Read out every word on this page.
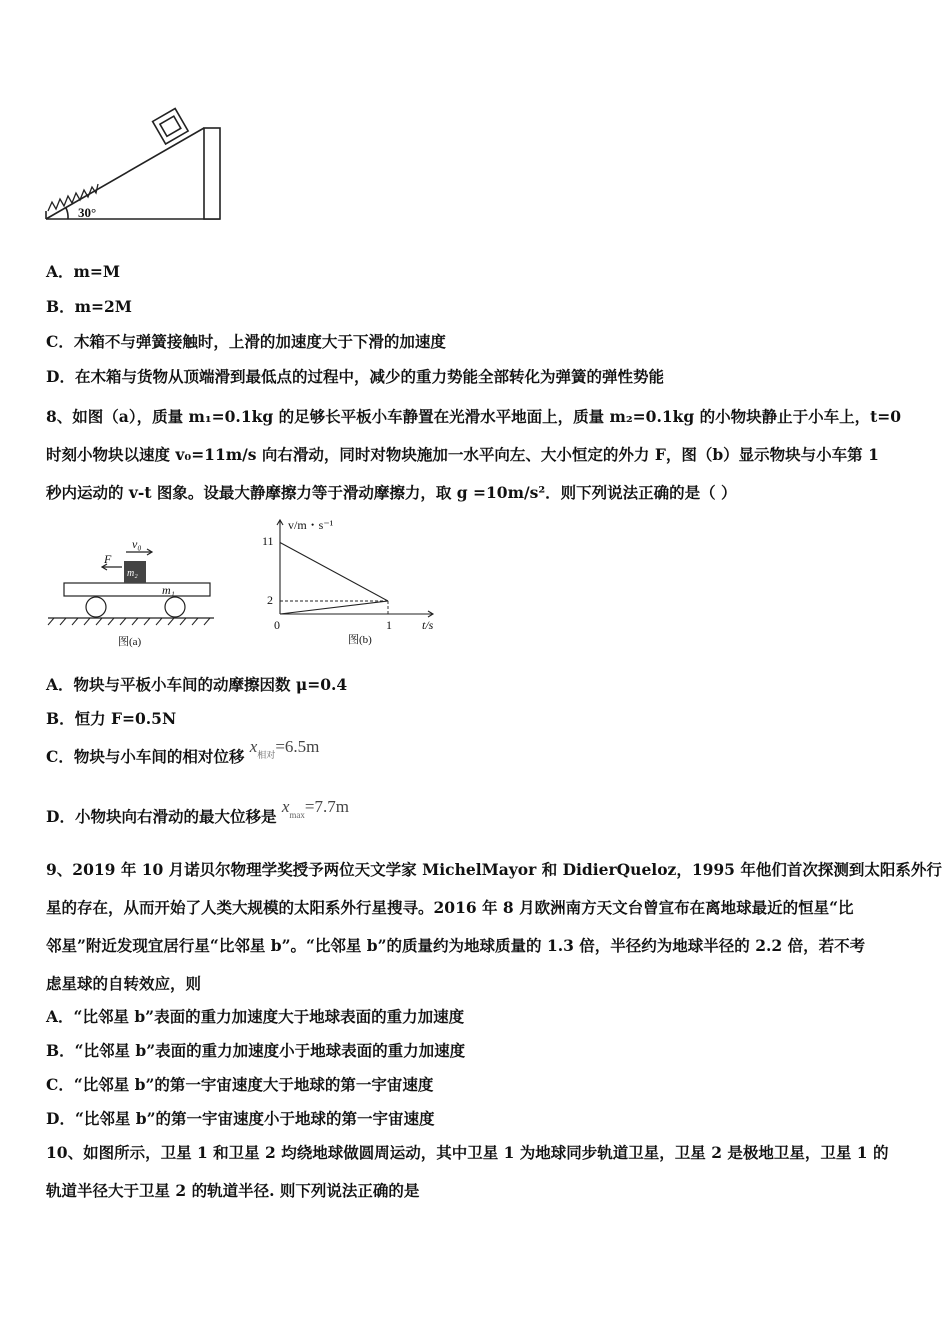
30°
A．m=M
B．m=2M
C．木箱不与弹簧接触时，上滑的加速度大于下滑的加速度
D．在木箱与货物从顶端滑到最低点的过程中，减少的重力势能全部转化为弹簧的弹性势能
8、如图（a），质量 m₁=0.1kg 的足够长平板小车静置在光滑水平地面上，质量 m₂=0.1kg 的小物块静止于小车上，t=0
时刻小物块以速度 v₀=11m/s 向右滑动，同时对物块施加一水平向左、大小恒定的外力 F，图（b）显示物块与小车第 1
秒内运动的 v-t 图象。设最大静摩擦力等于滑动摩擦力，取 g =10m/s²．则下列说法正确的是（ ）
v₀
F
m₂
m₁
图(a)
v/m・s⁻¹
11
2
0	1	t/s
图(b)
A．物块与平板小车间的动摩擦因数 μ=0.4
B．恒力 F=0.5N
C．物块与小车间的相对位移 $x_{相对}=6.5m$
D．小物块向右滑动的最大位移是 $x_{max}=7.7m$
9、2019 年 10 月诺贝尔物理学奖授予两位天文学家 MichelMayor 和 DidierQueloz，1995 年他们首次探测到太阳系外行
星的存在，从而开始了人类大规模的太阳系外行星搜寻。2016 年 8 月欧洲南方天文台曾宣布在离地球最近的恒星“比
邻星”附近发现宜居行星“比邻星 b”。“比邻星 b”的质量约为地球质量的 1.3 倍，半径约为地球半径的 2.2 倍，若不考
虑星球的自转效应，则
A．“比邻星 b”表面的重力加速度大于地球表面的重力加速度
B．“比邻星 b”表面的重力加速度小于地球表面的重力加速度
C．“比邻星 b”的第一宇宙速度大于地球的第一宇宙速度
D．“比邻星 b”的第一宇宙速度小于地球的第一宇宙速度
10、如图所示，卫星 1 和卫星 2 均绕地球做圆周运动，其中卫星 1 为地球同步轨道卫星，卫星 2 是极地卫星，卫星 1 的
轨道半径大于卫星 2 的轨道半径. 则下列说法正确的是
